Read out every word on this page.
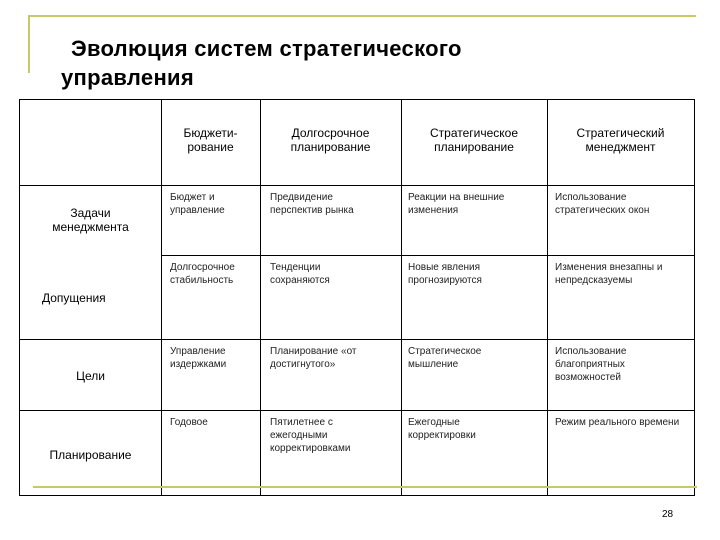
Эволюция систем стратегического
управления
Бюджети-
рование
Долгосрочное
планирование
Стратегическое
планирование
Стратегический
менеджмент
Задачи
менеджмента
Допущения
Цели
Планирование
Бюджет и
управление
Предвидение
перспектив рынка
Реакции на внешние
изменения
Использование
стратегических окон
Долгосрочное
стабильность
Тенденции
сохраняются
Новые явления
прогнозируются
Изменения внезапны и
непредсказуемы
Управление
издержками
Планирование «от
достигнутого»
Стратегическое
мышление
Использование
благоприятных
возможностей
Годовое	Пятилетнее с
ежегодными
корректировками
Ежегодные
корректировки
Режим реального времени
28
